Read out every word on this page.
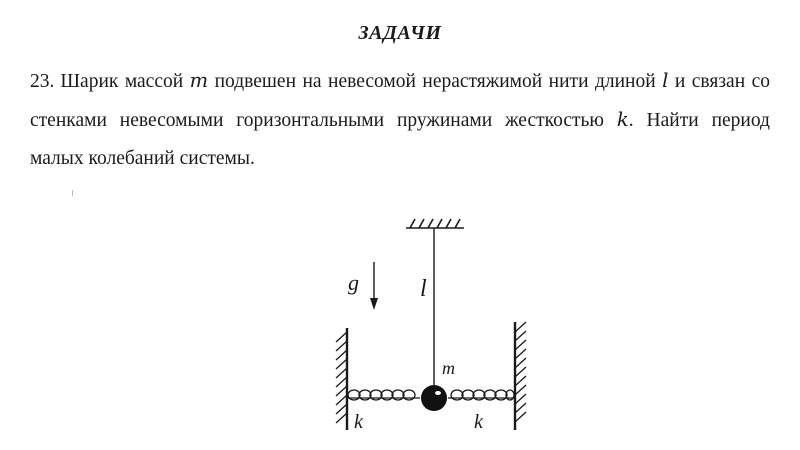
ЗАДАЧИ
23. Шарик массой m подвешен на невесомой нерастяжимой нити длиной l и связан со стенками невесомыми горизонтальными пружинами жесткостью k. Найти период малых колебаний системы.
g	l
m
k	k
